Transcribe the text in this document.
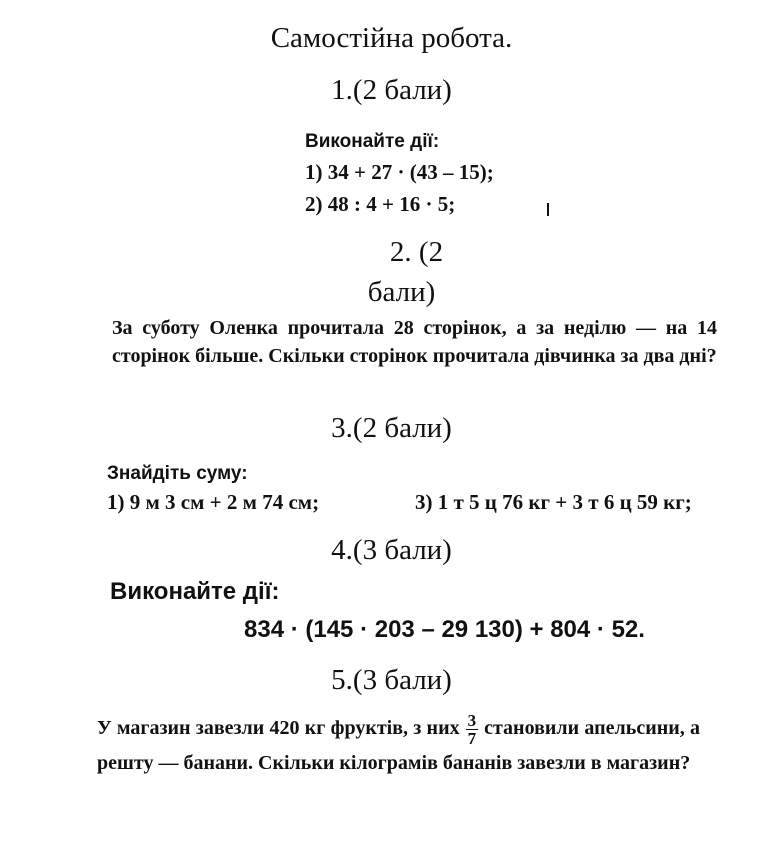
Самостійна робота.
1.(2 бали)
Виконайте дії:
1) 34 + 27 · (43 – 15);
2) 48 : 4 + 16 · 5;
2. (2
бали)
За суботу Оленка прочитала 28 сторінок, а за неділю — на 14 сторінок більше. Скільки сторінок прочитала дівчинка за два дні?
3.(2 бали)
Знайдіть суму:
1) 9 м 3 см + 2 м 74 см;	3) 1 т 5 ц 76 кг + 3 т 6 ц 59 кг;
4.(3 бали)
Виконайте дії:
834 · (145 · 203 – 29 130) + 804 · 52.
5.(3 бали)
У магазин завезли 420 кг фруктів, з них $\frac{3}{7}$ становили апельсини, а решту — банани. Скільки кілограмів бананів завезли в магазин?
